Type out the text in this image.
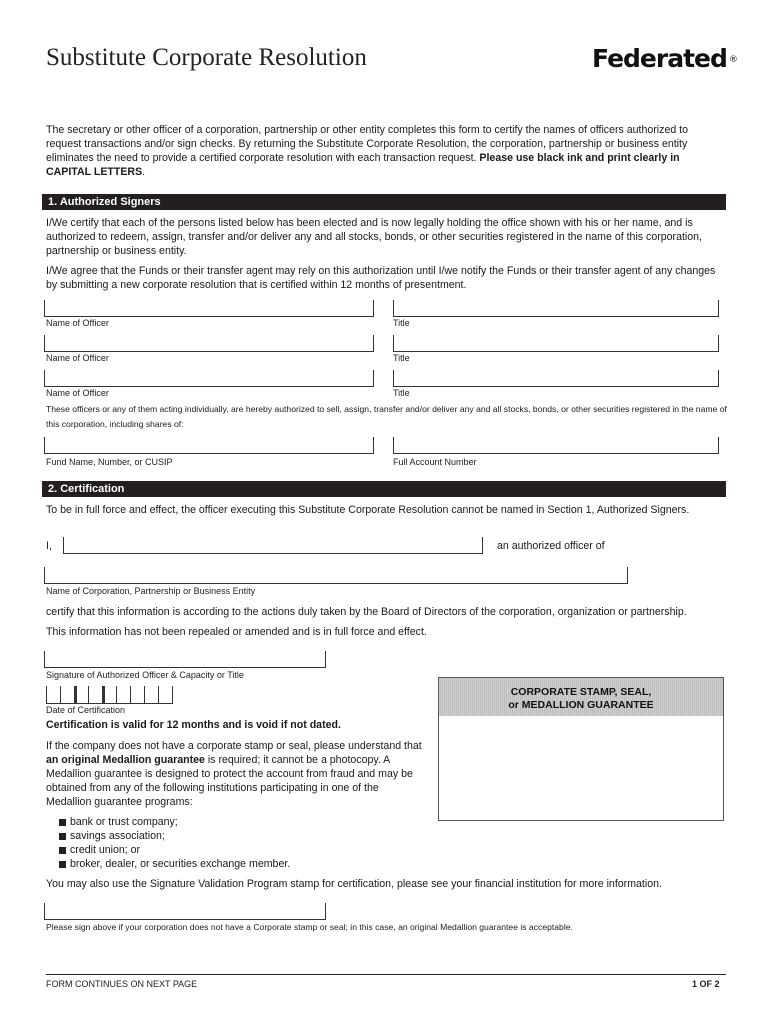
Substitute Corporate Resolution	Federated ®
The secretary or other officer of a corporation, partnership or other entity completes this form to certify the names of officers authorized to request transactions and/or sign checks. By returning the Substitute Corporate Resolution, the corporation, partnership or business entity eliminates the need to provide a certified corporate resolution with each transaction request. Please use black ink and print clearly in CAPITAL LETTERS.
1. Authorized Signers
I/We certify that each of the persons listed below has been elected and is now legally holding the office shown with his or her name, and is authorized to redeem, assign, transfer and/or deliver any and all stocks, bonds, or other securities registered in the name of this corporation, partnership or business entity.
I/We agree that the Funds or their transfer agent may rely on this authorization until I/we notify the Funds or their transfer agent of any changes by submitting a new corporate resolution that is certified within 12 months of presentment.
Name of Officer	Title
Name of Officer	Title
Name of Officer	Title
These officers or any of them acting individually, are hereby authorized to sell, assign, transfer and/or deliver any and all stocks, bonds, or other securities registered in the name of this corporation, including shares of:
Fund Name, Number, or CUSIP	Full Account Number
2. Certification
To be in full force and effect, the officer executing this Substitute Corporate Resolution cannot be named in Section 1, Authorized Signers.
I,	an authorized officer of
Name of Corporation, Partnership or Business Entity
certify that this information is according to the actions duly taken by the Board of Directors of the corporation, organization or partnership.
This information has not been repealed or amended and is in full force and effect.
Signature of Authorized Officer & Capacity or Title
Date of Certification
CORPORATE STAMP, SEAL,
or MEDALLION GUARANTEE
Certification is valid for 12 months and is void if not dated.
If the company does not have a corporate stamp or seal, please understand that an original Medallion guarantee is required; it cannot be a photocopy. A Medallion guarantee is designed to protect the account from fraud and may be obtained from any of the following institutions participating in one of the Medallion guarantee programs:
bank or trust company;
savings association;
credit union; or
broker, dealer, or securities exchange member.
You may also use the Signature Validation Program stamp for certification, please see your financial institution for more information.
Please sign above if your corporation does not have a Corporate stamp or seal; in this case, an original Medallion guarantee is acceptable.
FORM CONTINUES ON NEXT PAGE	1 OF 2
